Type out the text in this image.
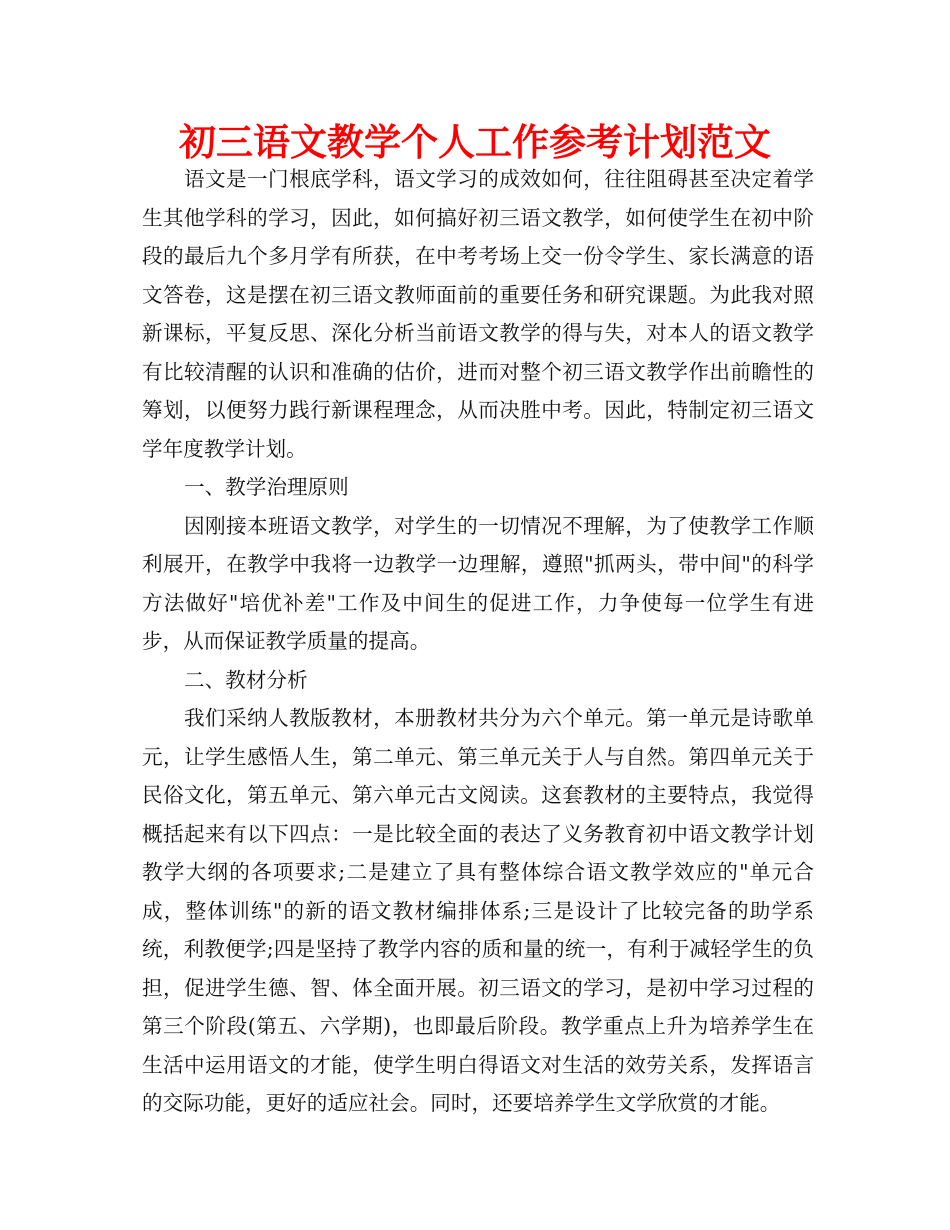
初三语文教学个人工作参考计划范文

语文是一门根底学科，语文学习的成效如何，往往阻碍甚至决定着学生其他学科的学习，因此，如何搞好初三语文教学，如何使学生在初中阶段的最后九个多月学有所获，在中考考场上交一份令学生、家长满意的语文答卷，这是摆在初三语文教师面前的重要任务和研究课题。为此我对照新课标，平复反思、深化分析当前语文教学的得与失，对本人的语文教学有比较清醒的认识和准确的估价，进而对整个初三语文教学作出前瞻性的筹划，以便努力践行新课程理念，从而决胜中考。因此，特制定初三语文学年度教学计划。

一、教学治理原则

因刚接本班语文教学，对学生的一切情况不理解，为了使教学工作顺利展开，在教学中我将一边教学一边理解，遵照"抓两头，带中间"的科学方法做好"培优补差"工作及中间生的促进工作，力争使每一位学生有进步，从而保证教学质量的提高。

二、教材分析

我们采纳人教版教材，本册教材共分为六个单元。第一单元是诗歌单元，让学生感悟人生，第二单元、第三单元关于人与自然。第四单元关于民俗文化，第五单元、第六单元古文阅读。这套教材的主要特点，我觉得概括起来有以下四点：一是比较全面的表达了义务教育初中语文教学计划教学大纲的各项要求;二是建立了具有整体综合语文教学效应的"单元合成，整体训练"的新的语文教材编排体系;三是设计了比较完备的助学系统，利教便学;四是坚持了教学内容的质和量的统一，有利于减轻学生的负担，促进学生德、智、体全面开展。初三语文的学习，是初中学习过程的第三个阶段(第五、六学期)，也即最后阶段。教学重点上升为培养学生在生活中运用语文的才能，使学生明白得语文对生活的效劳关系，发挥语言的交际功能，更好的适应社会。同时，还要培养学生文学欣赏的才能。
